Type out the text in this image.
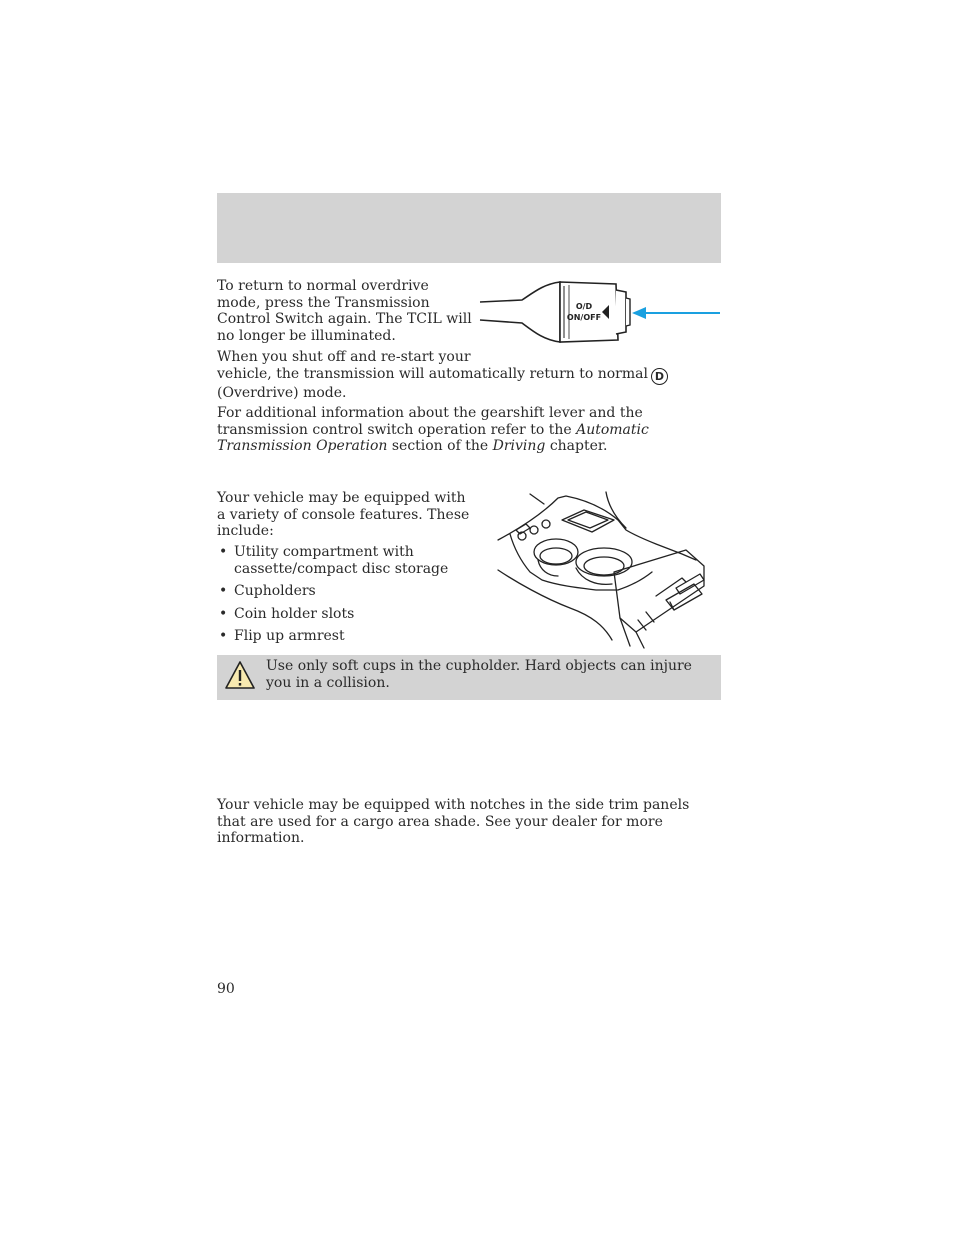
To return to normal overdrive mode, press the Transmission Control Switch again. The TCIL will no longer be illuminated.

O/D
ON/OFF

When you shut off and re-start your
vehicle, the transmission will automatically return to normal D
(Overdrive) mode.

For additional information about the gearshift lever and the transmission control switch operation refer to the Automatic Transmission Operation section of the Driving chapter.

Your vehicle may be equipped with a variety of console features. These include:

• Utility compartment with cassette/compact disc storage
• Cupholders
• Coin holder slots
• Flip up armrest
Use only soft cups in the cupholder. Hard objects can injure you in a collision.

Your vehicle may be equipped with notches in the side trim panels that are used for a cargo area shade. See your dealer for more information.

90
